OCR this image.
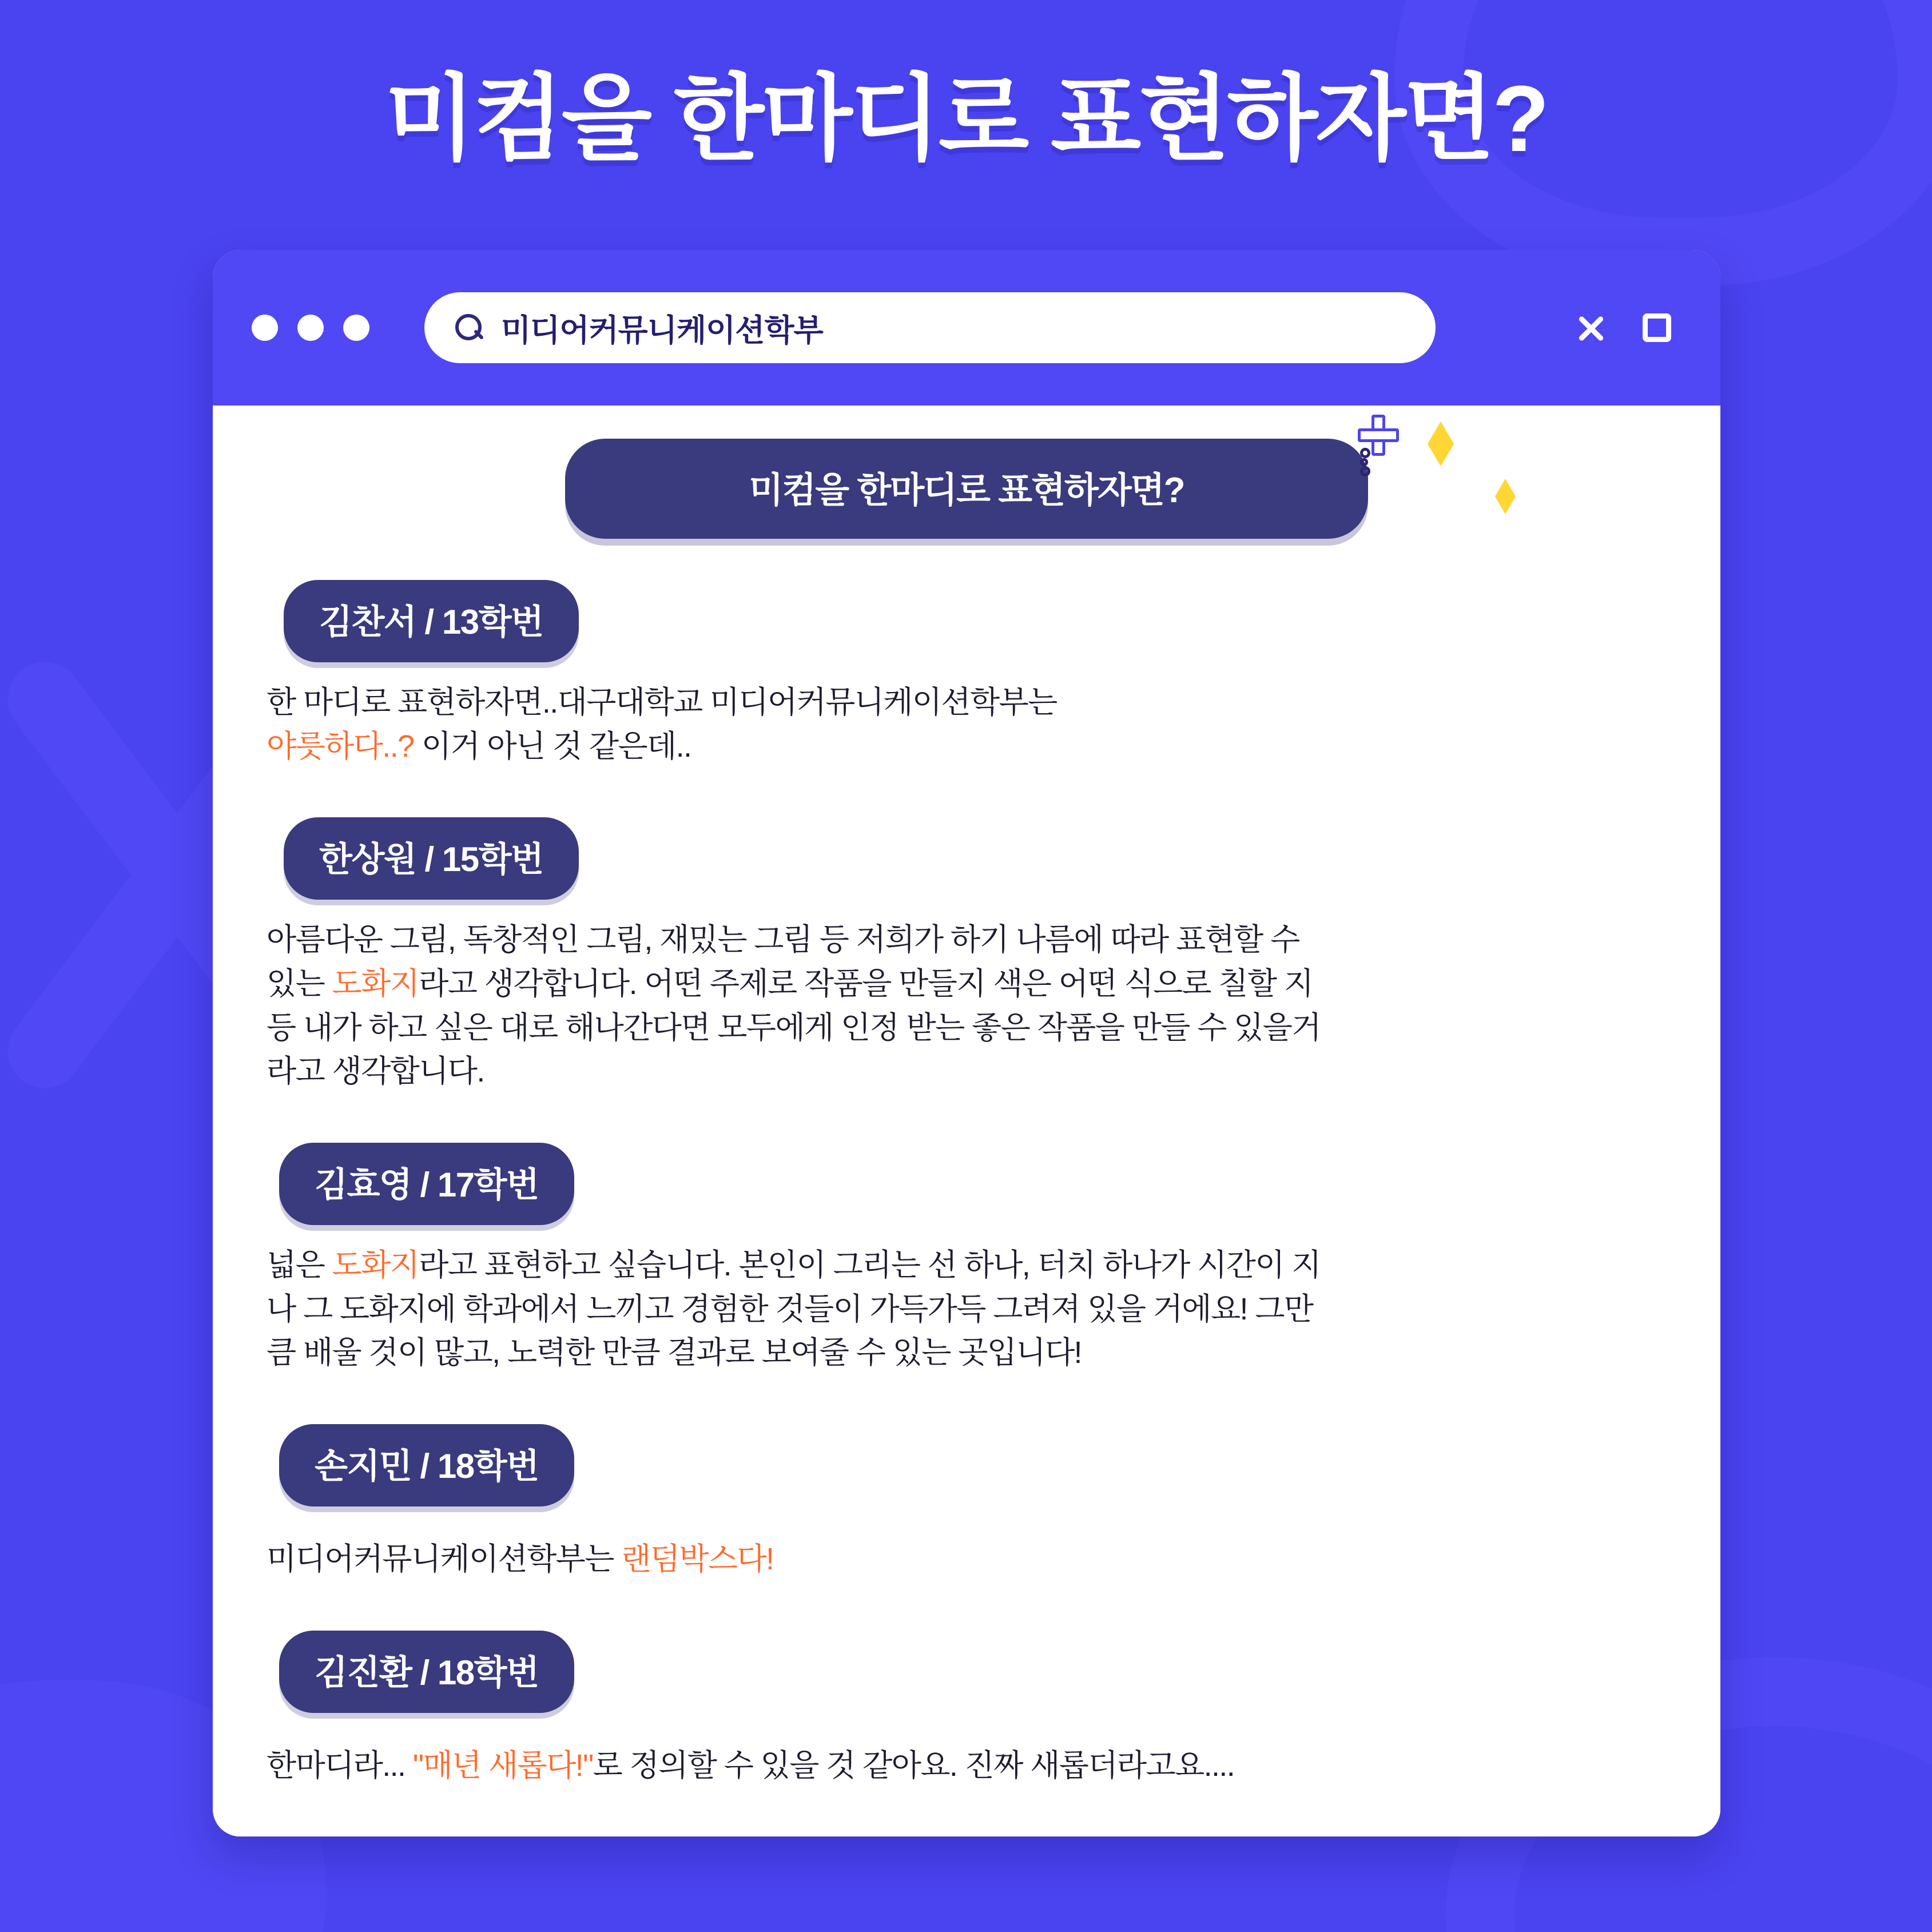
미컴을 한마디로 표현하자면?
미디어커뮤니케이션학부
미컴을 한마디로 표현하자면?
김찬서 / 13학번
한 마디로 표현하자면..대구대학교 미디어커뮤니케이션학부는
야릇하다..? 이거 아닌 것 같은데..
한상원 / 15학번
아름다운 그림, 독창적인 그림, 재밌는 그림 등 저희가 하기 나름에 따라 표현할 수
있는 도화지라고 생각합니다. 어떤 주제로 작품을 만들지 색은 어떤 식으로 칠할 지
등 내가 하고 싶은 대로 해나간다면 모두에게 인정 받는 좋은 작품을 만들 수 있을거
라고 생각합니다.
김효영 / 17학번
넓은 도화지라고 표현하고 싶습니다. 본인이 그리는 선 하나, 터치 하나가 시간이 지
나 그 도화지에 학과에서 느끼고 경험한 것들이 가득가득 그려져 있을 거에요! 그만
큼 배울 것이 많고, 노력한 만큼 결과로 보여줄 수 있는 곳입니다!
손지민 / 18학번
미디어커뮤니케이션학부는 랜덤박스다!
김진환 / 18학번
한마디라... "매년 새롭다!"로 정의할 수 있을 것 같아요. 진짜 새롭더라고요....
